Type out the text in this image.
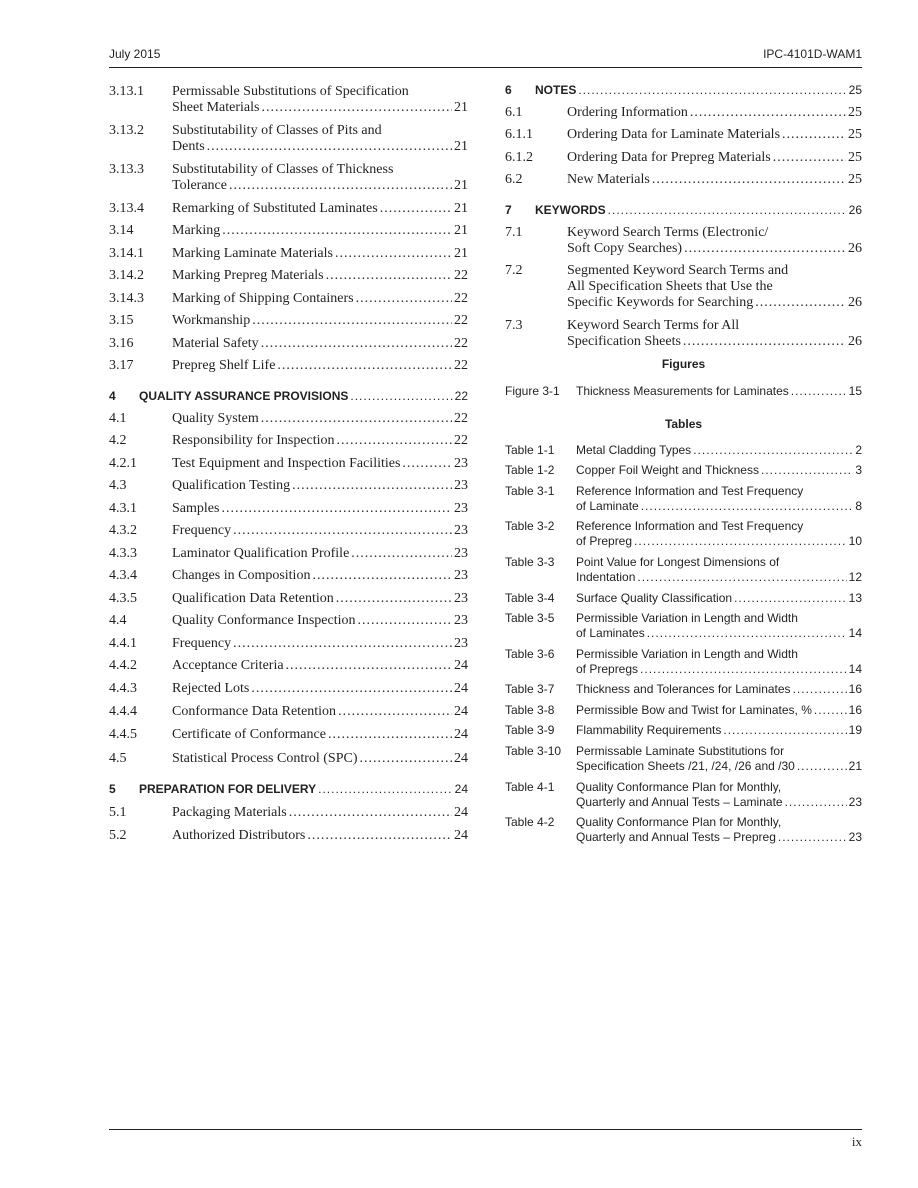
July 2015	IPC-4101D-WAM1
3.13.1 Permissable Substitutions of Specification
Sheet Materials .....	21
3.13.2 Substitutability of Classes of Pits and
Dents .....	21
3.13.3 Substitutability of Classes of Thickness
Tolerance .....	21
3.13.4 Remarking of Substituted Laminates .....	21
3.14	Marking .....	21
3.14.1 Marking Laminate Materials .....	21
3.14.2 Marking Prepreg Materials .....	22
3.14.3 Marking of Shipping Containers .....	22
3.15	Workmanship .....	22
3.16	Material Safety .....	22
3.17	Prepreg Shelf Life .....	22
4 QUALITY ASSURANCE PROVISIONS .....	22
4.1	Quality System .....	22
4.2	Responsibility for Inspection .....	22
4.2.1	Test Equipment and Inspection Facilities .....	23
4.3	Qualification Testing .....	23
4.3.1	Samples .....	23
4.3.2	Frequency .....	23
4.3.3	Laminator Qualification Profile .....	23
4.3.4	Changes in Composition .....	23
4.3.5	Qualification Data Retention .....	23
4.4	Quality Conformance Inspection .....	23
4.4.1	Frequency .....	23
4.4.2	Acceptance Criteria .....	24
4.4.3	Rejected Lots .....	24
4.4.4	Conformance Data Retention .....	24
4.4.5	Certificate of Conformance .....	24
4.5	Statistical Process Control (SPC) .....	24
5 PREPARATION FOR DELIVERY .....	24
5.1	Packaging Materials .....	24
5.2	Authorized Distributors .....	24
6 NOTES .....	25
6.1	Ordering Information .....	25
6.1.1 Ordering Data for Laminate Materials .....	25
6.1.2 Ordering Data for Prepreg Materials .....	25
6.2	New Materials .....	25
7 KEYWORDS .....	26
7.1	Keyword Search Terms (Electronic/
Soft Copy Searches) .....	26
7.2	Segmented Keyword Search Terms and
All Specification Sheets that Use the
Specific Keywords for Searching .....	26
7.3	Keyword Search Terms for All
Specification Sheets .....	26
Figures
Figure 3-1 Thickness Measurements for Laminates .....	15
Tables
Table 1-1 Metal Cladding Types .....	2
Table 1-2 Copper Foil Weight and Thickness .....	3
Table 3-1 Reference Information and Test Frequency
of Laminate .....	8
Table 3-2 Reference Information and Test Frequency
of Prepreg .....	10
Table 3-3 Point Value for Longest Dimensions of
Indentation .....	12
Table 3-4 Surface Quality Classification .....	13
Table 3-5 Permissible Variation in Length and Width
of Laminates .....	14
Table 3-6 Permissible Variation in Length and Width
of Prepregs .....	14
Table 3-7 Thickness and Tolerances for Laminates .....	16
Table 3-8 Permissible Bow and Twist for Laminates, % .....	16
Table 3-9 Flammability Requirements .....	19
Table 3-10 Permissable Laminate Substitutions for
Specification Sheets /21, /24, /26 and /30 .....	21
Table 4-1 Quality Conformance Plan for Monthly,
Quarterly and Annual Tests – Laminate .....	23
Table 4-2 Quality Conformance Plan for Monthly,
Quarterly and Annual Tests – Prepreg .....	23
ix
